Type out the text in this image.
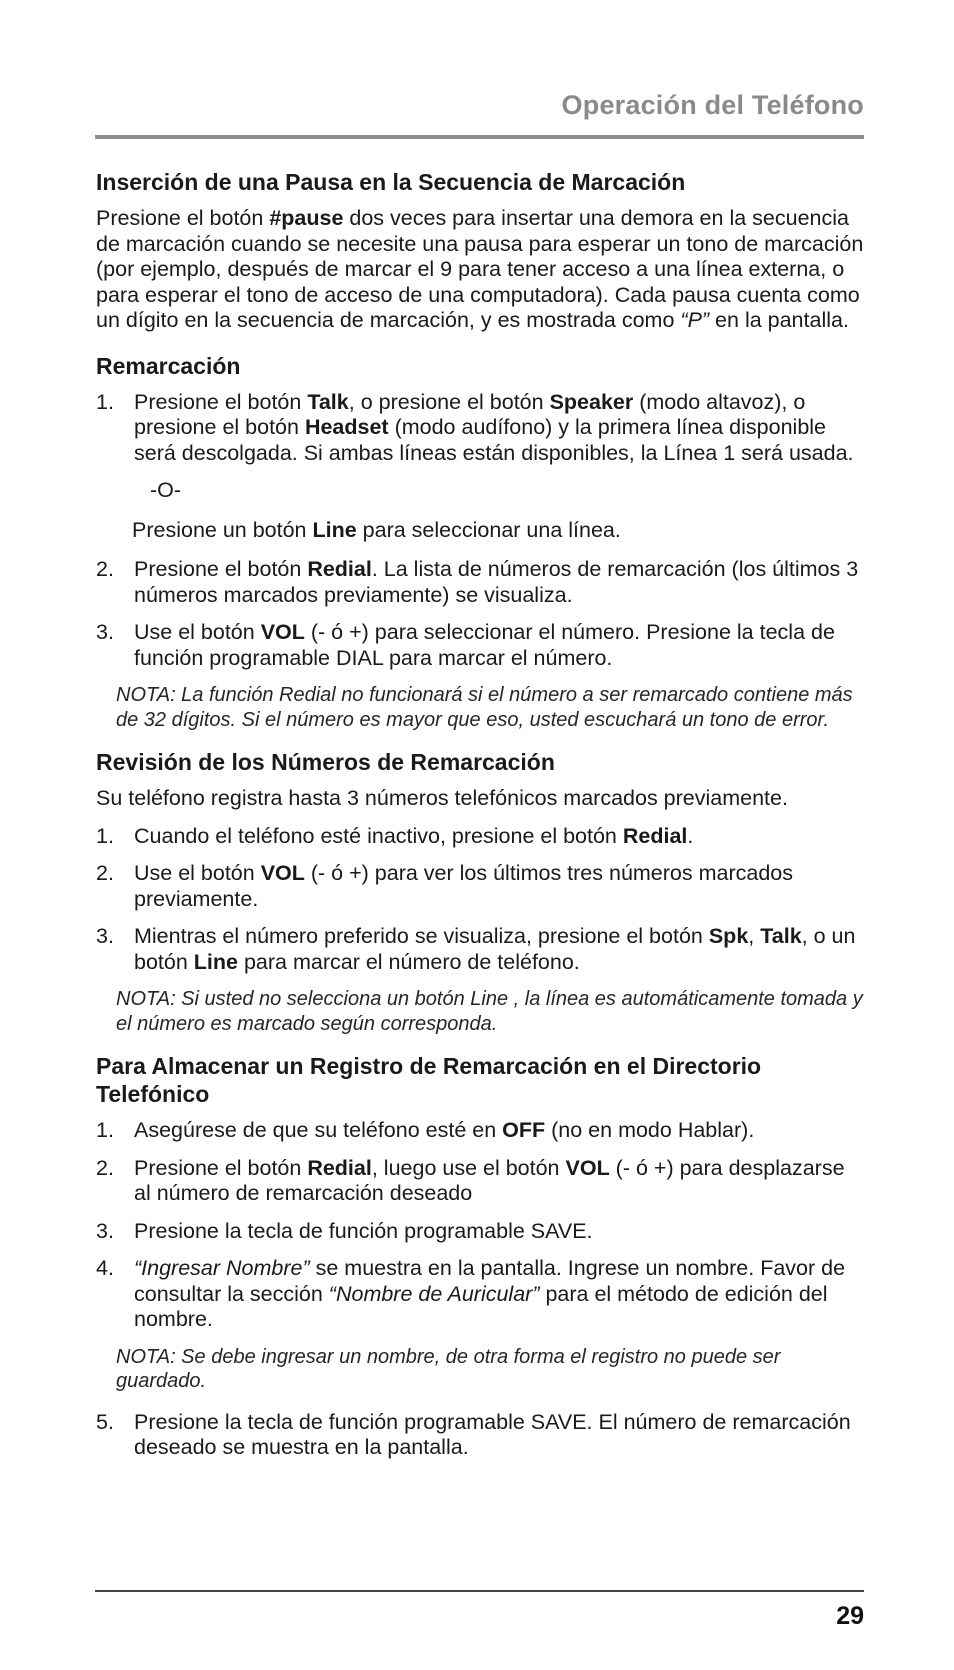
Operación del Teléfono
Inserción de una Pausa en la Secuencia de Marcación

Presione el botón #pause dos veces para insertar una demora en la secuencia de marcación cuando se necesite una pausa para esperar un tono de marcación (por ejemplo, después de marcar el 9 para tener acceso a una línea externa, o para esperar el tono de acceso de una computadora). Cada pausa cuenta como un dígito en la secuencia de marcación, y es mostrada como “P” en la pantalla.

Remarcación
1. Presione el botón Talk, o presione el botón Speaker (modo altavoz), o presione el botón Headset (modo audífono) y la primera línea disponible será descolgada. Si ambas líneas están disponibles, la Línea 1 será usada.

-O-

Presione un botón Line para seleccionar una línea.

2. Presione el botón Redial. La lista de números de remarcación (los últimos 3 números marcados previamente) se visualiza.
3. Use el botón VOL (- ó +) para seleccionar el número. Presione la tecla de función programable DIAL para marcar el número.

NOTA: La función Redial no funcionará si el número a ser remarcado contiene más de 32 dígitos. Si el número es mayor que eso, usted escuchará un tono de error.

Revisión de los Números de Remarcación

Su teléfono registra hasta 3 números telefónicos marcados previamente.

1. Cuando el teléfono esté inactivo, presione el botón Redial.
2. Use el botón VOL (- ó +) para ver los últimos tres números marcados previamente.
3. Mientras el número preferido se visualiza, presione el botón Spk, Talk, o un botón Line para marcar el número de teléfono.

NOTA: Si usted no selecciona un botón Line , la línea es automáticamente tomada y el número es marcado según corresponda.

Para Almacenar un Registro de Remarcación en el Directorio Telefónico
1. Asegúrese de que su teléfono esté en OFF (no en modo Hablar).
2. Presione el botón Redial, luego use el botón VOL (- ó +) para desplazarse al número de remarcación deseado
3. Presione la tecla de función programable SAVE.
4. “Ingresar Nombre” se muestra en la pantalla. Ingrese un nombre. Favor de consultar la sección “Nombre de Auricular” para el método de edición del nombre.

NOTA: Se debe ingresar un nombre, de otra forma el registro no puede ser guardado.

5. Presione la tecla de función programable SAVE. El número de remarcación deseado se muestra en la pantalla.
29
